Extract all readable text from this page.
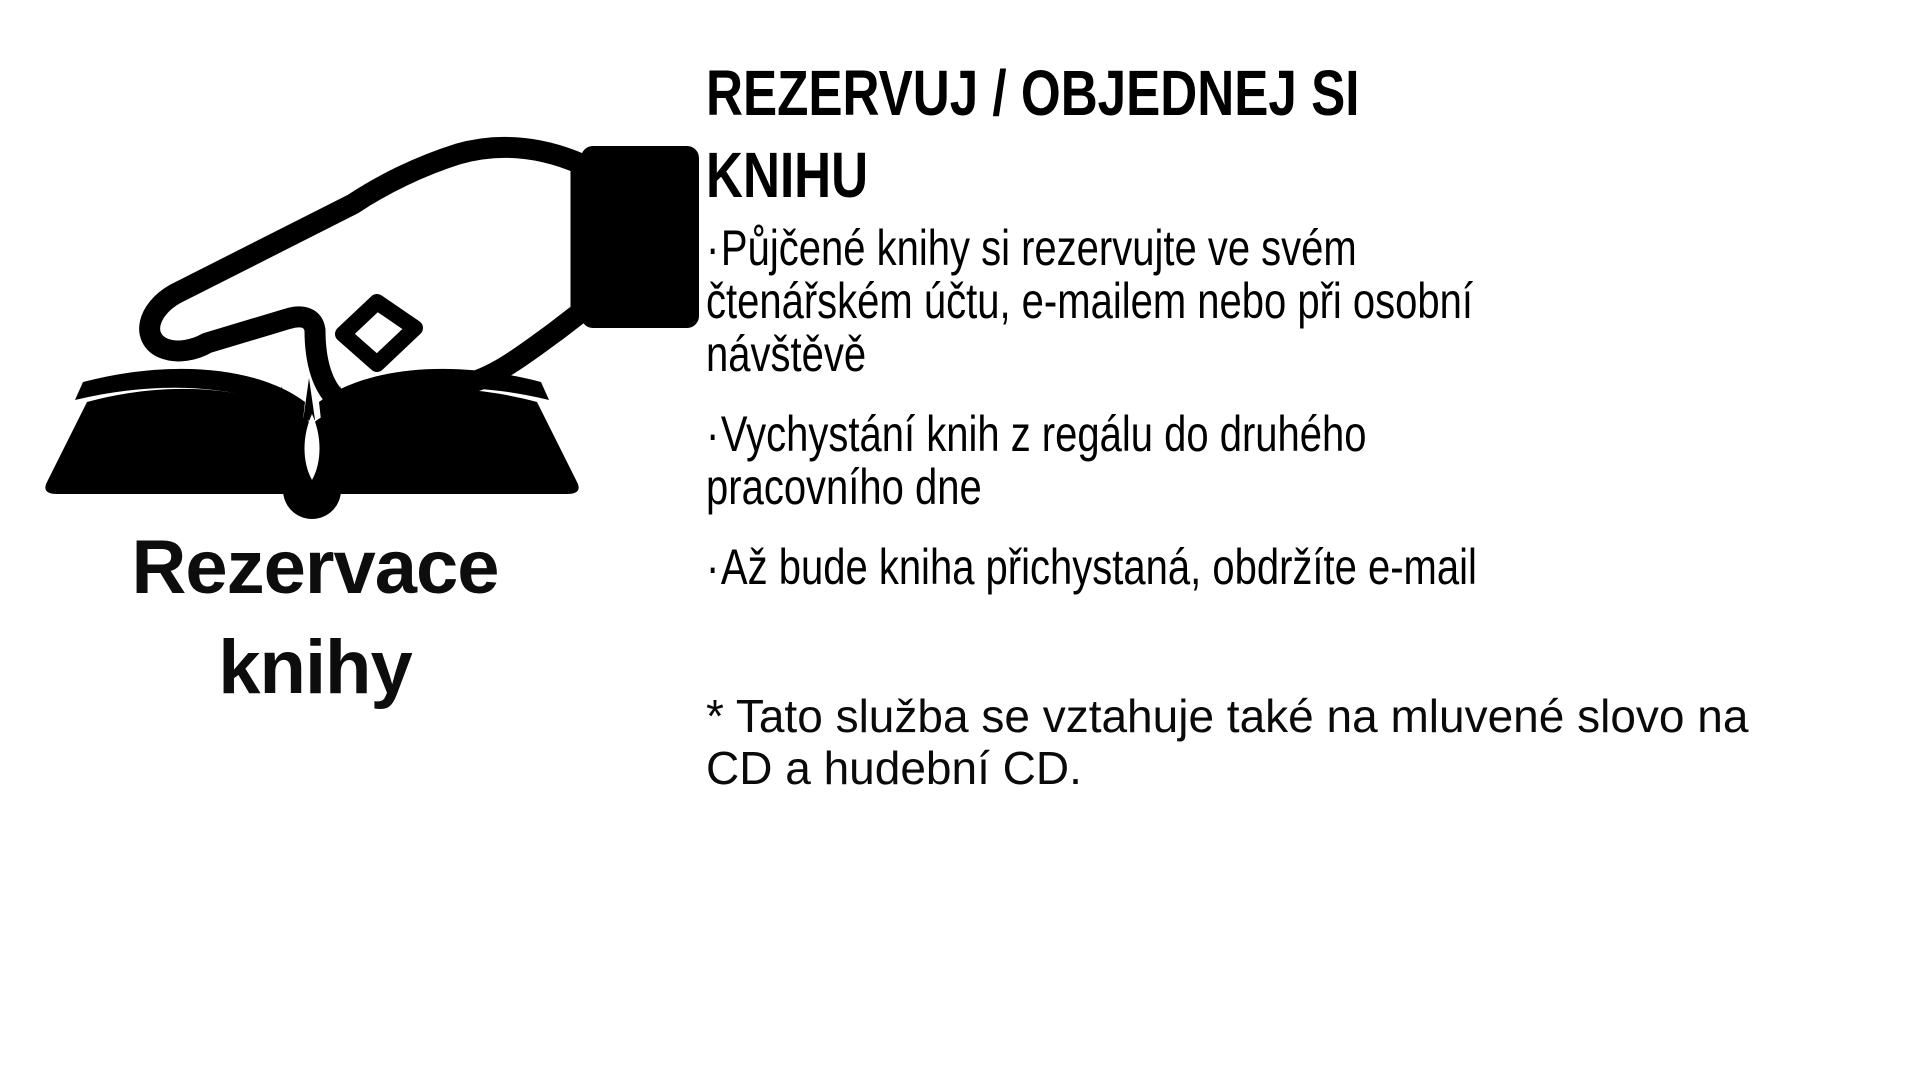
Rezervace
knihy
REZERVUJ / OBJEDNEJ SI
KNIHU

·Půjčené knihy si rezervujte ve svém čtenářském účtu, e-mailem nebo při osobní návštěvě

·Vychystání knih z regálu do druhého pracovního dne

·Až bude kniha přichystaná, obdržíte e-mail

* Tato služba se vztahuje také na mluvené slovo na CD a hudební CD.
